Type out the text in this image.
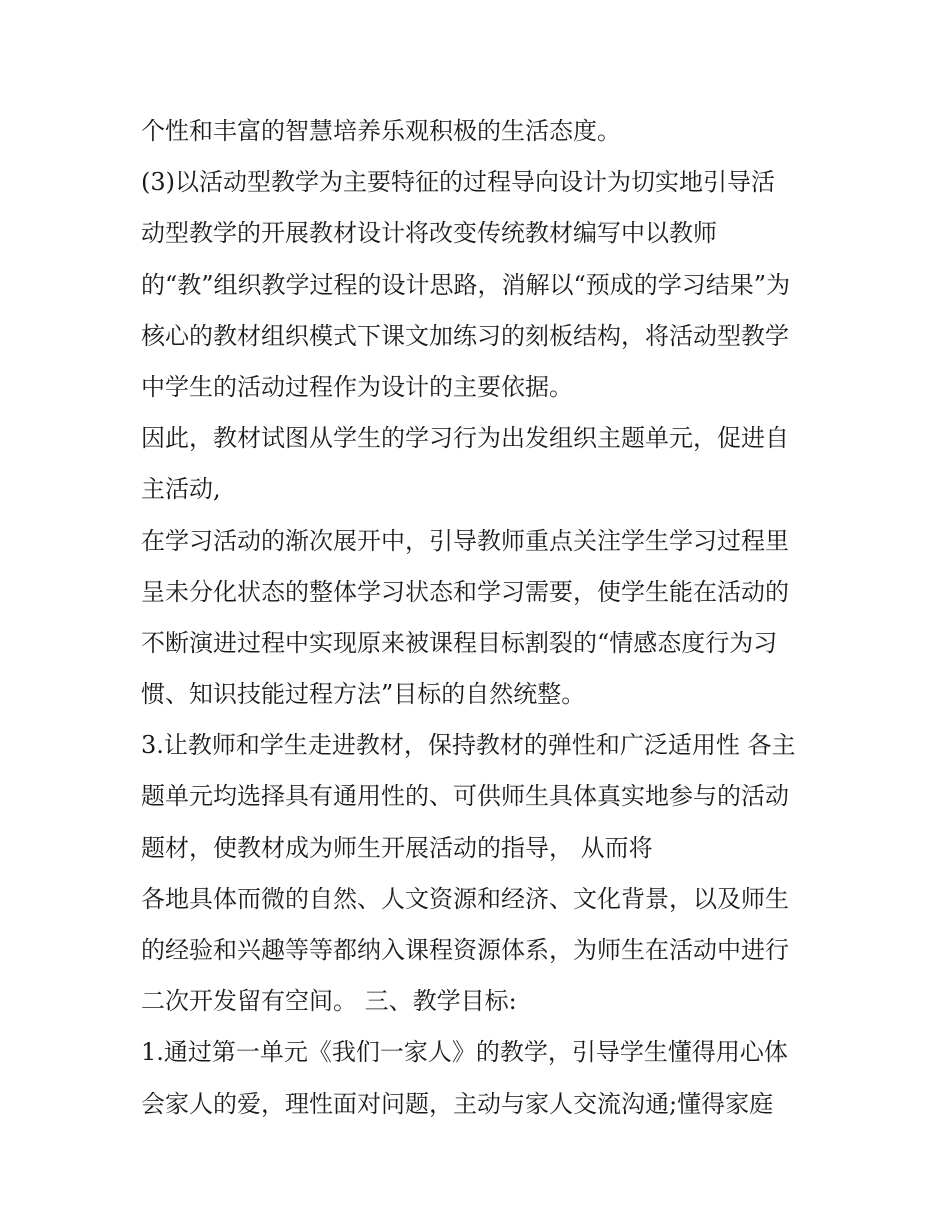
个性和丰富的智慧培养乐观积极的生活态度。
(3)以活动型教学为主要特征的过程导向设计为切实地引导活
动型教学的开展教材设计将改变传统教材编写中以教师
的“教”组织教学过程的设计思路，消解以“预成的学习结果”为
核心的教材组织模式下课文加练习的刻板结构，将活动型教学
中学生的活动过程作为设计的主要依据。
因此，教材试图从学生的学习行为出发组织主题单元，促进自
主活动,
在学习活动的渐次展开中，引导教师重点关注学生学习过程里
呈未分化状态的整体学习状态和学习需要，使学生能在活动的
不断演进过程中实现原来被课程目标割裂的“情感态度行为习
惯、知识技能过程方法”目标的自然统整。
3.让教师和学生走进教材，保持教材的弹性和广泛适用性 各主
题单元均选择具有通用性的、可供师生具体真实地参与的活动
题材，使教材成为师生开展活动的指导， 从而将
各地具体而微的自然、人文资源和经济、文化背景，以及师生
的经验和兴趣等等都纳入课程资源体系，为师生在活动中进行
二次开发留有空间。 三、教学目标:
1.通过第一单元《我们一家人》的教学，引导学生懂得用心体
会家人的爱，理性面对问题，主动与家人交流沟通;懂得家庭
